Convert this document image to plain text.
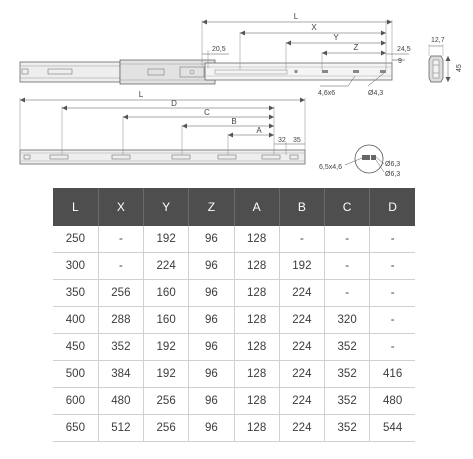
L
X
Y
Z
20,5	24,5
9
4,6x6	Ø4,3
12,7
45
L
D
C
B
A
32 35
6,5x4,6	Ø6,3
Ø6,3
L	X	Y	Z	A	B	C	D
250	-	192	96	128	-	-	-
300	-	224	96	128	192	-	-
350	256	160	96	128	224	-	-
400	288	160	96	128	224	320	-
450	352	192	96	128	224	352	-
500	384	192	96	128	224	352	416
600	480	256	96	128	224	352	480
650	512	256	96	128	224	352	544
